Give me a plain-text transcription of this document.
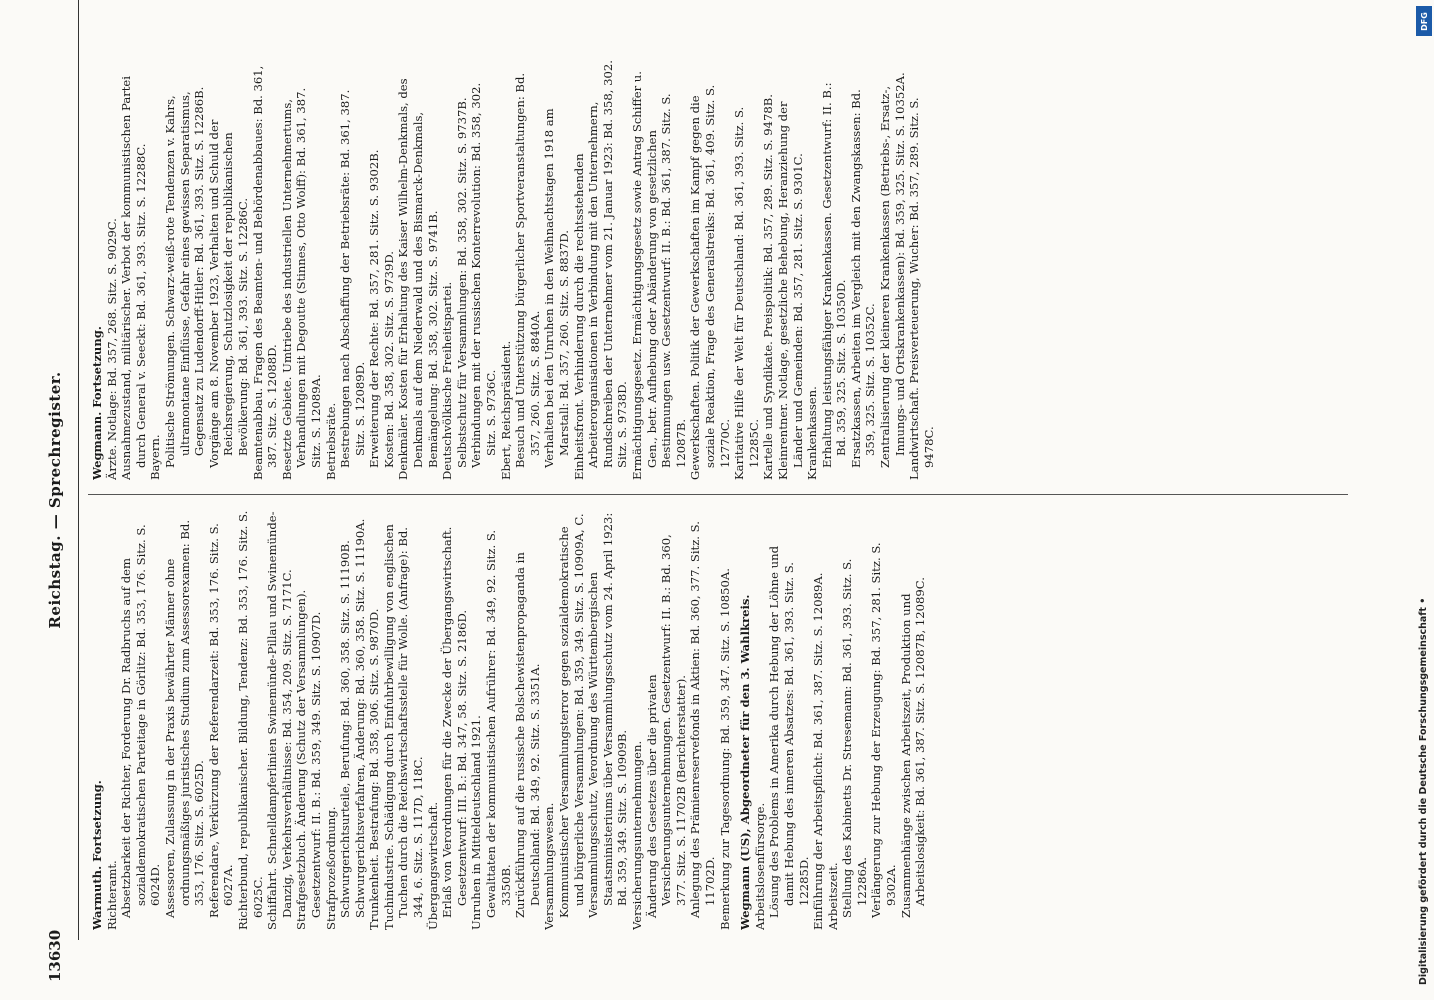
13630
Reichstag. — Sprechregister.

Warmuth. Fortsetzung. Richteramt. Absetzbarkeit der Richter, Forderung Dr. Radbruchs auf dem sozialdemokratischen Parteitage in Görlitz: Bd. 353, 176. Sitz. S. 6024D. Assessoren, Zulassung in der Praxis bewährter Männer ohne ordnungsmäßiges juristisches Studium zum Assessorexamen: Bd. 353, 176. Sitz. S. 6025D. Referendare, Verkürzung der Referendarzeit: Bd. 353, 176. Sitz. S. 6027A. Richterbund, republikanischer. Bildung, Tendenz: Bd. 353, 176. Sitz. S. 6025C. Schiffahrt. Schnelldampferlinien Swinemünde-Pillau und Swinemünde-Danzig, Verkehrsverhältnisse: Bd. 354, 209. Sitz. S. 7171C. Strafgesetzbuch. Änderung (Schutz der Versammlungen). Gesetzentwurf: II. B.: Bd. 359, 349. Sitz. S. 10907D. Strafprozeßordnung. Schwurgerichtsurteile, Berufung: Bd. 360, 358. Sitz. S. 11190B. Schwurgerichtsverfahren, Änderung: Bd. 360, 358. Sitz. S. 11190A. Trunkenheit. Bestrafung: Bd. 358, 306. Sitz. S. 9870D. Tuchindustrie. Schädigung durch Einfuhrbewilligung von englischen Tuchen durch die Reichswirtschaftsstelle für Wolle. (Anfrage): Bd. 344, 6. Sitz. S. 117D, 118C. Übergangswirtschaft. Erlaß von Verordnungen für die Zwecke der Übergangswirtschaft. Gesetzentwurf: III. B.: Bd. 347, 58. Sitz. S. 2186D. Unruhen in Mitteldeutschland 1921. Gewalttaten der kommunistischen Aufrührer: Bd. 349, 92. Sitz. S. 3350B. Zurückführung auf die russische Bolschewistenpropaganda in Deutschland: Bd. 349, 92. Sitz. S. 3351A. Versammlungswesen. Kommunistischer Versammlungsterror gegen sozialdemokratische und bürgerliche Versammlungen: Bd. 359, 349. Sitz. S. 10909A, C. Versammlungsschutz, Verordnung des Württembergischen Staatsministeriums über Versammlungsschutz vom 24. April 1923: Bd. 359, 349. Sitz. S. 10909B. Versicherungsunternehmungen. Änderung des Gesetzes über die privaten Versicherungsunternehmungen. Gesetzentwurf: II. B.: Bd. 360, 377. Sitz. S. 11702B (Berichterstatter). Anlegung des Prämienreservefonds in Aktien: Bd. 360, 377. Sitz. S. 11702D. Bemerkung zur Tagesordnung: Bd. 359, 347. Sitz. S. 10850A. Wegmann (US), Abgeordneter für den 3. Wahlkreis. Arbeitslosenfürsorge. Lösung des Problems in Amerika durch Hebung der Löhne und damit Hebung des inneren Absatzes: Bd. 361, 393. Sitz. S. 12285D. Einführung der Arbeitspflicht: Bd. 361, 387. Sitz. S. 12089A. Arbeitszeit. Stellung des Kabinetts Dr. Stresemann: Bd. 361, 393. Sitz. S. 12286A. Verlängerung zur Hebung der Erzeugung: Bd. 357, 281. Sitz. S. 9302A. Zusammenhänge zwischen Arbeitszeit, Produktion und Arbeitslosigkeit: Bd. 361, 387. Sitz. S. 12087B, 12089C.

Wegmann. Fortsetzung. Ärzte. Notlage: Bd. 357, 268. Sitz. S. 9029C. Ausnahmezustand, militärischer. Verbot der kommunistischen Partei durch General v. Seeckt: Bd. 361, 393. Sitz. S. 12288C. Bayern. Politische Strömungen. Schwarz-weiß-rote Tendenzen v. Kahrs, ultramontane Einflüsse, Gefahr eines gewissen Separatismus, Gegensatz zu Ludendorff-Hitler: Bd. 361, 393. Sitz. S. 12286B. Vorgänge am 8. November 1923, Verhalten und Schuld der Reichsregierung, Schutzlosigkeit der republikanischen Bevölkerung: Bd. 361, 393. Sitz. S. 12286C. Beamtenabbau. Fragen des Beamten- und Behördenabbaues: Bd. 361, 387. Sitz. S. 12088D. Besetzte Gebiete. Umtriebe des industriellen Unternehmertums, Verhandlungen mit Degoutte (Stinnes, Otto Wolff): Bd. 361, 387. Sitz. S. 12089A. Betriebsräte. Bestrebungen nach Abschaffung der Betriebsräte: Bd. 361, 387. Sitz. S. 12089D. Erweiterung der Rechte: Bd. 357, 281. Sitz. S. 9302B. Kosten: Bd. 358, 302. Sitz. S. 9739D. Denkmäler. Kosten für Erhaltung des Kaiser Wilhelm-Denkmals, des Denkmals auf dem Niederwald und des Bismarck-Denkmals, Bemängelung: Bd. 358, 302. Sitz. S. 9741B. Deutschvölkische Freiheitspartei. Selbstschutz für Versammlungen: Bd. 358, 302. Sitz. S. 9737B. Verbindungen mit der russischen Konterrevolution: Bd. 358, 302. Sitz. S. 9736C. Ebert, Reichspräsident. Besuch und Unterstützung bürgerlicher Sportveranstaltungen: Bd. 357, 260. Sitz. S. 8840A. Verhalten bei den Unruhen in den Weihnachtstagen 1918 am Marstall: Bd. 357, 260. Sitz. S. 8837D. Einheitsfront. Verhinderung durch die rechtsstehenden Arbeiterorganisationen in Verbindung mit den Unternehmern, Rundschreiben der Unternehmer vom 21. Januar 1923: Bd. 358, 302. Sitz. S. 9738D. Ermächtigungsgesetz. Ermächtigungsgesetz sowie Antrag Schiffer u. Gen., betr. Aufhebung oder Abänderung von gesetzlichen Bestimmungen usw. Gesetzentwurf: II. B.: Bd. 361, 387. Sitz. S. 12087B. Gewerkschaften. Politik der Gewerkschaften im Kampf gegen die soziale Reaktion, Frage des Generalstreiks: Bd. 361, 409. Sitz. S. 12770C. Karitative Hilfe der Welt für Deutschland: Bd. 361, 393. Sitz. S. 12285C. Kartelle und Syndikate. Preispolitik: Bd. 357, 289. Sitz. S. 9478B. Kleinrentner. Notlage, gesetzliche Behebung, Heranziehung der Länder und Gemeinden: Bd. 357, 281. Sitz. S. 9301C. Krankenkassen. Erhaltung leistungsfähiger Krankenkassen. Gesetzentwurf: II. B.: Bd. 359, 325. Sitz. S. 10350D. Ersatzkassen, Arbeiten im Vergleich mit den Zwangskassen: Bd. 359, 325. Sitz. S. 10352C. Zentralisierung der kleineren Krankenkassen (Betriebs-, Ersatz-, Innungs- und Ortskrankenkassen): Bd. 359, 325. Sitz. S. 10352A. Landwirtschaft. Preisverteuerung, Wucher: Bd. 357, 289. Sitz. S. 9478C.

DFG
Digitalisierung gefördert durch die Deutsche Forschungsgemeinschaft •
